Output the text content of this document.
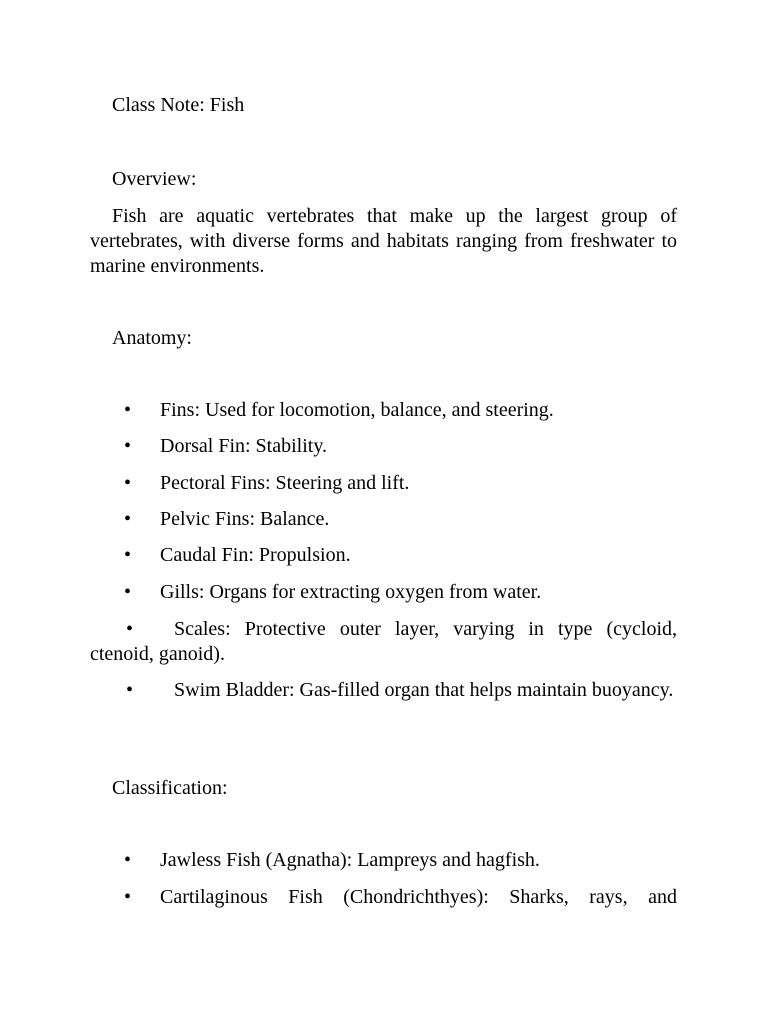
Class Note: Fish

Overview:

Fish are aquatic vertebrates that make up the largest group of vertebrates, with diverse forms and habitats ranging from freshwater to marine environments.

Anatomy:

• Fins: Used for locomotion, balance, and steering.
• Dorsal Fin: Stability.
• Pectoral Fins: Steering and lift.
• Pelvic Fins: Balance.
• Caudal Fin: Propulsion.
• Gills: Organs for extracting oxygen from water.
• Scales: Protective outer layer, varying in type (cycloid, ctenoid, ganoid).
• Swim Bladder: Gas-filled organ that helps maintain buoyancy.

Classification:

• Jawless Fish (Agnatha): Lampreys and hagfish.
• Cartilaginous Fish (Chondrichthyes): Sharks, rays, and
